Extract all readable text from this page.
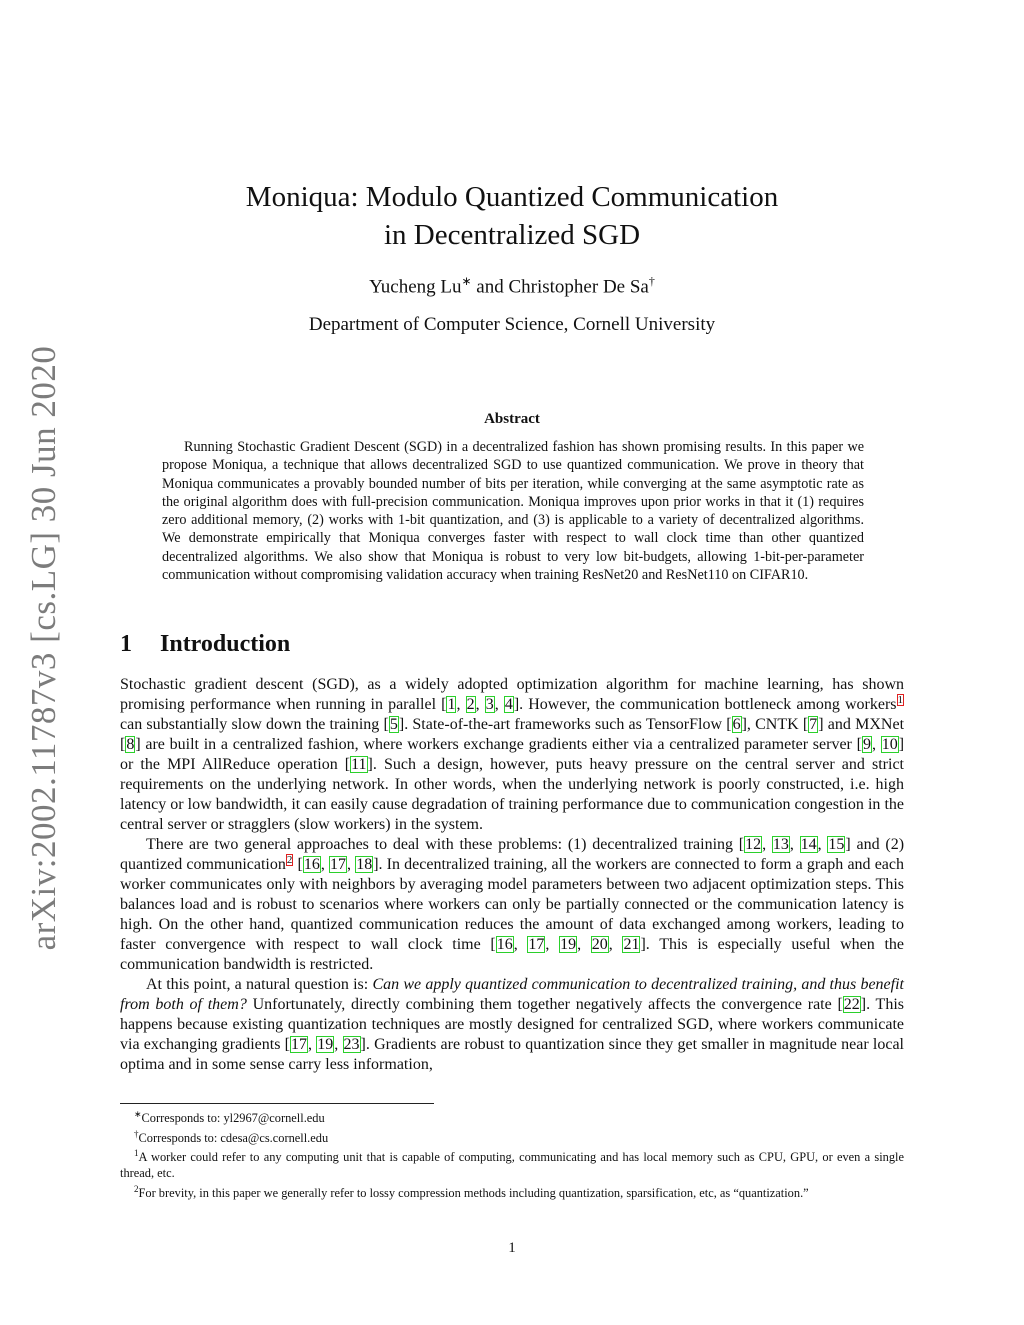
arXiv:2002.11787v3 [cs.LG] 30 Jun 2020
Moniqua: Modulo Quantized Communication
in Decentralized SGD
Yucheng Lu∗ and Christopher De Sa†
Department of Computer Science, Cornell University
Abstract

Running Stochastic Gradient Descent (SGD) in a decentralized fashion has shown promising results. In this paper we propose Moniqua, a technique that allows decentralized SGD to use quantized communication. We prove in theory that Moniqua communicates a provably bounded number of bits per iteration, while converging at the same asymptotic rate as the original algorithm does with full-precision communication. Moniqua improves upon prior works in that it (1) requires zero additional memory, (2) works with 1-bit quantization, and (3) is applicable to a variety of decentralized algorithms. We demonstrate empirically that Moniqua converges faster with respect to wall clock time than other quantized decentralized algorithms. We also show that Moniqua is robust to very low bit-budgets, allowing 1-bit-per-parameter communication without compromising validation accuracy when training ResNet20 and ResNet110 on CIFAR10.

1 Introduction

Stochastic gradient descent (SGD), as a widely adopted optimization algorithm for machine learning, has shown promising performance when running in parallel [1, 2, 3, 4]. However, the communication bottleneck among workers$^1$ can substantially slow down the training [5]. State-of-the-art frameworks such as TensorFlow [6], CNTK [7] and MXNet [8] are built in a centralized fashion, where workers exchange gradients either via a centralized parameter server [9, 10] or the MPI AllReduce operation [11]. Such a design, however, puts heavy pressure on the central server and strict requirements on the underlying network. In other words, when the underlying network is poorly constructed, i.e. high latency or low bandwidth, it can easily cause degradation of training performance due to communication congestion in the central server or stragglers (slow workers) in the system.

There are two general approaches to deal with these problems: (1) decentralized training [12, 13, 14, 15] and (2) quantized communication$^2$ [16, 17, 18]. In decentralized training, all the workers are connected to form a graph and each worker communicates only with neighbors by averaging model parameters between two adjacent optimization steps. This balances load and is robust to scenarios where workers can only be partially connected or the communication latency is high. On the other hand, quantized communication reduces the amount of data exchanged among workers, leading to faster convergence with respect to wall clock time [16, 17, 19, 20, 21]. This is especially useful when the communication bandwidth is restricted.

At this point, a natural question is: Can we apply quantized communication to decentralized training, and thus benefit from both of them? Unfortunately, directly combining them together negatively affects the convergence rate [22]. This happens because existing quantization techniques are mostly designed for centralized SGD, where workers communicate via exchanging gradients [17, 19, 23]. Gradients are robust to quantization since they get smaller in magnitude near local optima and in some sense carry less information,

∗Corresponds to: yl2967@cornell.edu

†Corresponds to: cdesa@cs.cornell.edu

$^1$A worker could refer to any computing unit that is capable of computing, communicating and has local memory such as CPU, GPU, or even a single thread, etc.

$^2$For brevity, in this paper we generally refer to lossy compression methods including quantization, sparsification, etc, as “quantization.”

1
